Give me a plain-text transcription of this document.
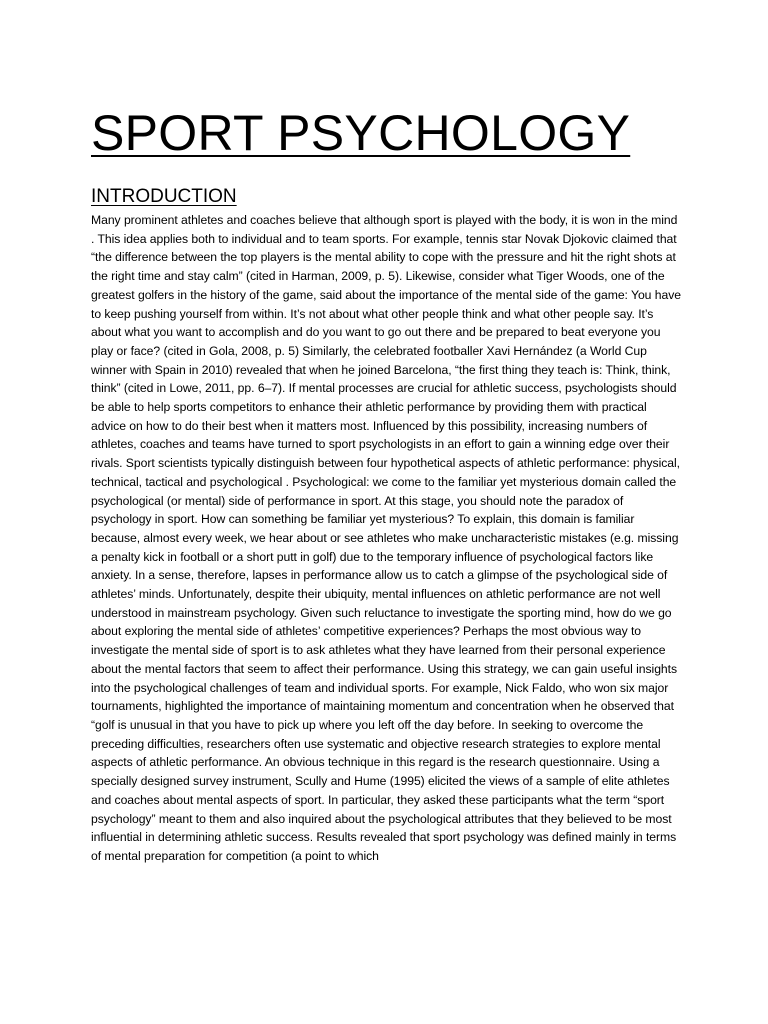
SPORT PSYCHOLOGY
INTRODUCTION

Many prominent athletes and coaches believe that although sport is played with the body, it is won in the mind . This idea applies both to individual and to team sports. For example, tennis star Novak Djokovic claimed that “the difference between the top players is the mental ability to cope with the pressure and hit the right shots at the right time and stay calm” (cited in Harman, 2009, p. 5). Likewise, consider what Tiger Woods, one of the greatest golfers in the history of the game, said about the importance of the mental side of the game: You have to keep pushing yourself from within. It’s not about what other people think and what other people say. It’s about what you want to accomplish and do you want to go out there and be prepared to beat everyone you play or face? (cited in Gola, 2008, p. 5) Similarly, the celebrated footballer Xavi Hernández (a World Cup winner with Spain in 2010) revealed that when he joined Barcelona, “the first thing they teach is: Think, think, think” (cited in Lowe, 2011, pp. 6–7). If mental processes are crucial for athletic success, psychologists should be able to help sports competitors to enhance their athletic performance by providing them with practical advice on how to do their best when it matters most. Influenced by this possibility, increasing numbers of athletes, coaches and teams have turned to sport psychologists in an effort to gain a winning edge over their rivals. Sport scientists typically distinguish between four hypothetical aspects of athletic performance: physical, technical, tactical and psychological . Psychological: we come to the familiar yet mysterious domain called the psychological (or mental) side of performance in sport. At this stage, you should note the paradox of psychology in sport. How can something be familiar yet mysterious? To explain, this domain is familiar because, almost every week, we hear about or see athletes who make uncharacteristic mistakes (e.g. missing a penalty kick in football or a short putt in golf) due to the temporary influence of psychological factors like anxiety. In a sense, therefore, lapses in performance allow us to catch a glimpse of the psychological side of athletes’ minds. Unfortunately, despite their ubiquity, mental influences on athletic performance are not well understood in mainstream psychology. Given such reluctance to investigate the sporting mind, how do we go about exploring the mental side of athletes’ competitive experiences? Perhaps the most obvious way to investigate the mental side of sport is to ask athletes what they have learned from their personal experience about the mental factors that seem to affect their performance. Using this strategy, we can gain useful insights into the psychological challenges of team and individual sports. For example, Nick Faldo, who won six major tournaments, highlighted the importance of maintaining momentum and concentration when he observed that “golf is unusual in that you have to pick up where you left off the day before. In seeking to overcome the preceding difficulties, researchers often use systematic and objective research strategies to explore mental aspects of athletic performance. An obvious technique in this regard is the research questionnaire. Using a specially designed survey instrument, Scully and Hume (1995) elicited the views of a sample of elite athletes and coaches about mental aspects of sport. In particular, they asked these participants what the term “sport psychology” meant to them and also inquired about the psychological attributes that they believed to be most influential in determining athletic success. Results revealed that sport psychology was defined mainly in terms of mental preparation for competition (a point to which
